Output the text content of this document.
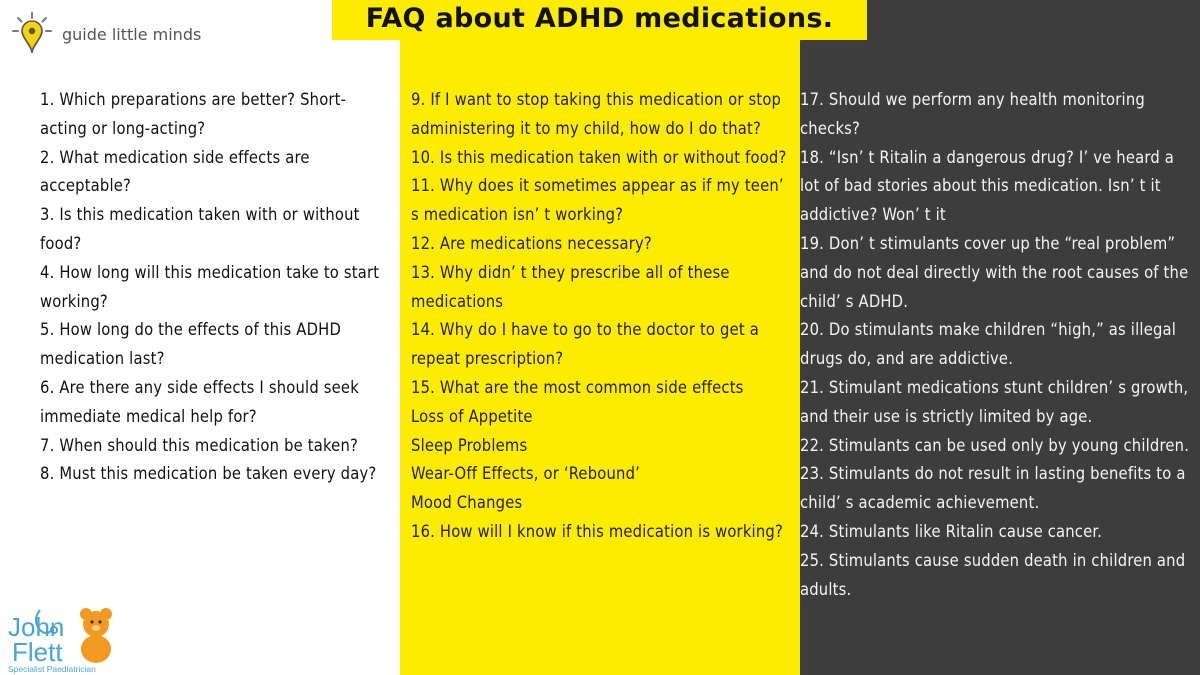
guide little minds	FAQ about ADHD medications.
1. Which preparations are better? Short-acting or long-acting?
2. What medication side effects are acceptable?
3. Is this medication taken with or without food?
4. How long will this medication take to start working?
5. How long do the effects of this ADHD medication last?
6. Are there any side effects I should seek immediate medical help for?
7. When should this medication be taken?
8. Must this medication be taken every day?
9. If I want to stop taking this medication or stop administering it to my child, how do I do that?
10. Is this medication taken with or without food?
11. Why does it sometimes appear as if my teen’ s medication isn’ t working?
12. Are medications necessary?
13. Why didn’ t they prescribe all of these medications
14. Why do I have to go to the doctor to get a repeat prescription?
15. What are the most common side effects
Loss of Appetite
Sleep Problems
Wear-Off Effects, or ‘Rebound’
Mood Changes
16. How will I know if this medication is working?
17. Should we perform any health monitoring checks?
18. “Isn’ t Ritalin a dangerous drug? I’ ve heard a lot of bad stories about this medication. Isn’ t it addictive? Won’ t it
19. Don’ t stimulants cover up the “real problem” and do not deal directly with the root causes of the child’ s ADHD.
20. Do stimulants make children “high,” as illegal drugs do, and are addictive.
21. Stimulant medications stunt children’ s growth, and their use is strictly limited by age.
22. Stimulants can be used only by young children.
23. Stimulants do not result in lasting benefits to a child’ s academic achievement.
24. Stimulants like Ritalin cause cancer.
25. Stimulants cause sudden death in children and adults.
John
Flett
Specialist Paediatrician
